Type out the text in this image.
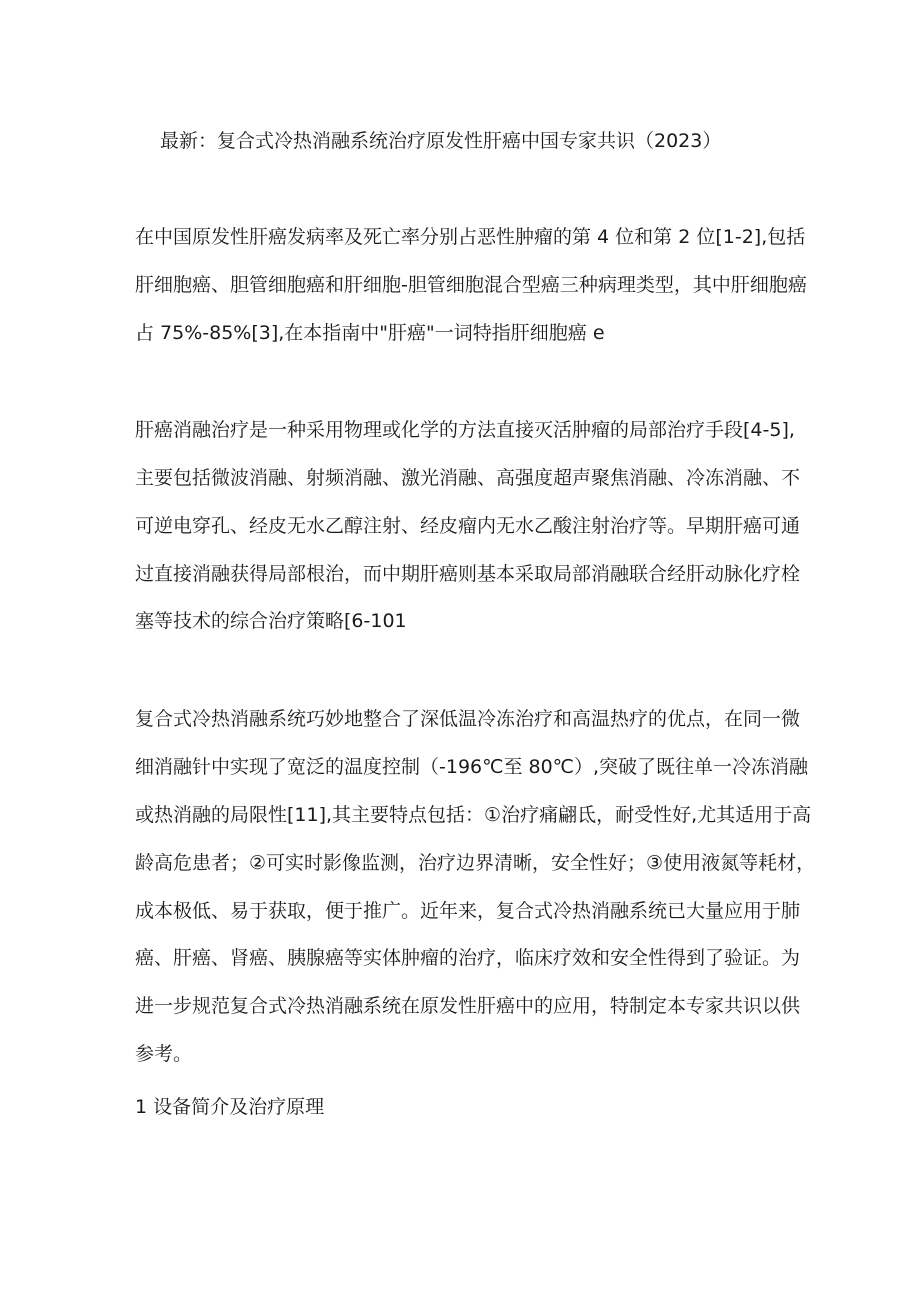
最新：复合式冷热消融系统治疗原发性肝癌中国专家共识（2023）

在中国原发性肝癌发病率及死亡率分别占恶性肿瘤的第 4 位和第 2 位[1-2],包括

肝细胞癌、胆管细胞癌和肝细胞-胆管细胞混合型癌三种病理类型，其中肝细胞癌

占 75%-85%[3],在本指南中"肝癌"一词特指肝细胞癌 e

肝癌消融治疗是一种采用物理或化学的方法直接灭活肿瘤的局部治疗手段[4-5],

主要包括微波消融、射频消融、激光消融、高强度超声聚焦消融、冷冻消融、不

可逆电穿孔、经皮无水乙醇注射、经皮瘤内无水乙酸注射治疗等。早期肝癌可通

过直接消融获得局部根治，而中期肝癌则基本采取局部消融联合经肝动脉化疗栓

塞等技术的综合治疗策略[6-101

复合式冷热消融系统巧妙地整合了深低温冷冻治疗和高温热疗的优点，在同一微

细消融针中实现了宽泛的温度控制（-196℃至 80℃）,突破了既往单一冷冻消融

或热消融的局限性[11],其主要特点包括：①治疗痛翩氐，耐受性好,尤其适用于高

龄高危患者；②可实时影像监测，治疗边界清晰，安全性好；③使用液氮等耗材，

成本极低、易于获取，便于推广。近年来，复合式冷热消融系统已大量应用于肺

癌、肝癌、肾癌、胰腺癌等实体肿瘤的治疗，临床疗效和安全性得到了验证。为

进一步规范复合式冷热消融系统在原发性肝癌中的应用，特制定本专家共识以供

参考。

1 设备简介及治疗原理
